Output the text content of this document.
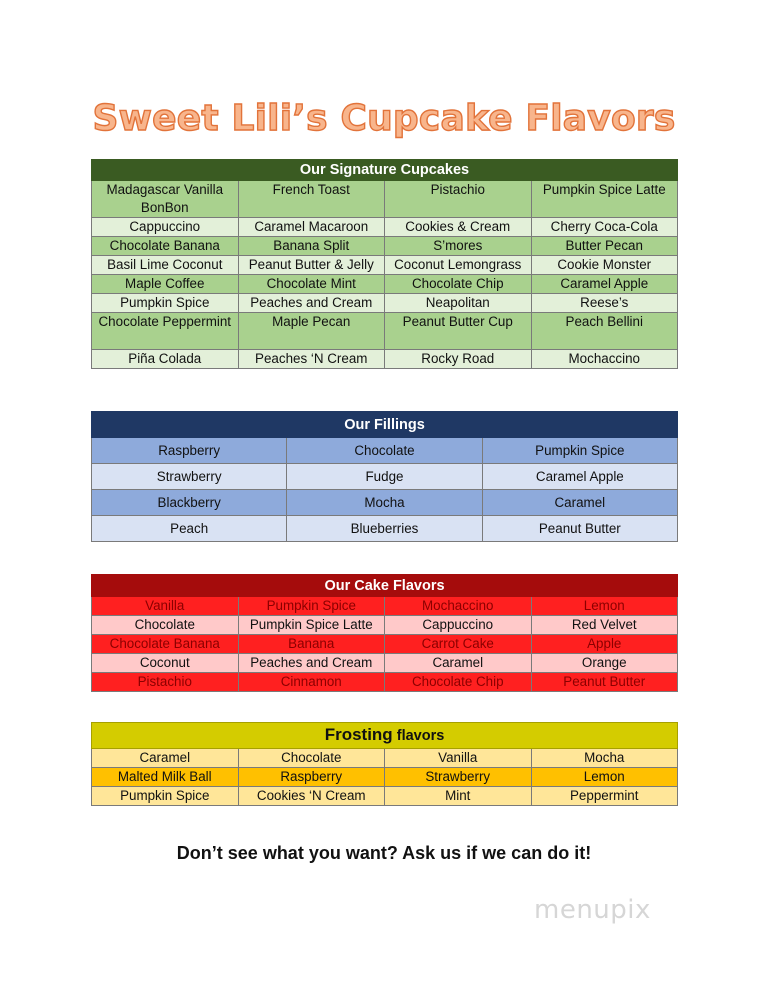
Sweet Lili’s Cupcake Flavors
Our Signature Cupcakes			
Madagascar Vanilla BonBon	French Toast	Pistachio	Pumpkin Spice Latte
Cappuccino	Caramel Macaroon	Cookies & Cream	Cherry Coca-Cola
Chocolate Banana	Banana Split	S’mores	Butter Pecan
Basil Lime Coconut	Peanut Butter & Jelly	Coconut Lemongrass	Cookie Monster
Maple Coffee	Chocolate Mint	Chocolate Chip	Caramel Apple
Pumpkin Spice	Peaches and Cream	Neapolitan	Reese’s
Chocolate Peppermint	Maple Pecan	Peanut Butter Cup	Peach Bellini
Piña Colada	Peaches ‘N Cream	Rocky Road	Mochaccino
Our Fillings		
Raspberry	Chocolate	Pumpkin Spice
Strawberry	Fudge	Caramel Apple
Blackberry	Mocha	Caramel
Peach	Blueberries	Peanut Butter
Our Cake Flavors			
Vanilla	Pumpkin Spice	Mochaccino	Lemon
Chocolate	Pumpkin Spice Latte	Cappuccino	Red Velvet
Chocolate Banana	Banana	Carrot Cake	Apple
Coconut	Peaches and Cream	Caramel	Orange
Pistachio	Cinnamon	Chocolate Chip	Peanut Butter
Frosting flavors			
Caramel	Chocolate	Vanilla	Mocha
Malted Milk Ball	Raspberry	Strawberry	Lemon
Pumpkin Spice	Cookies ‘N Cream	Mint	Peppermint
Don’t see what you want? Ask us if we can do it!
menupix
